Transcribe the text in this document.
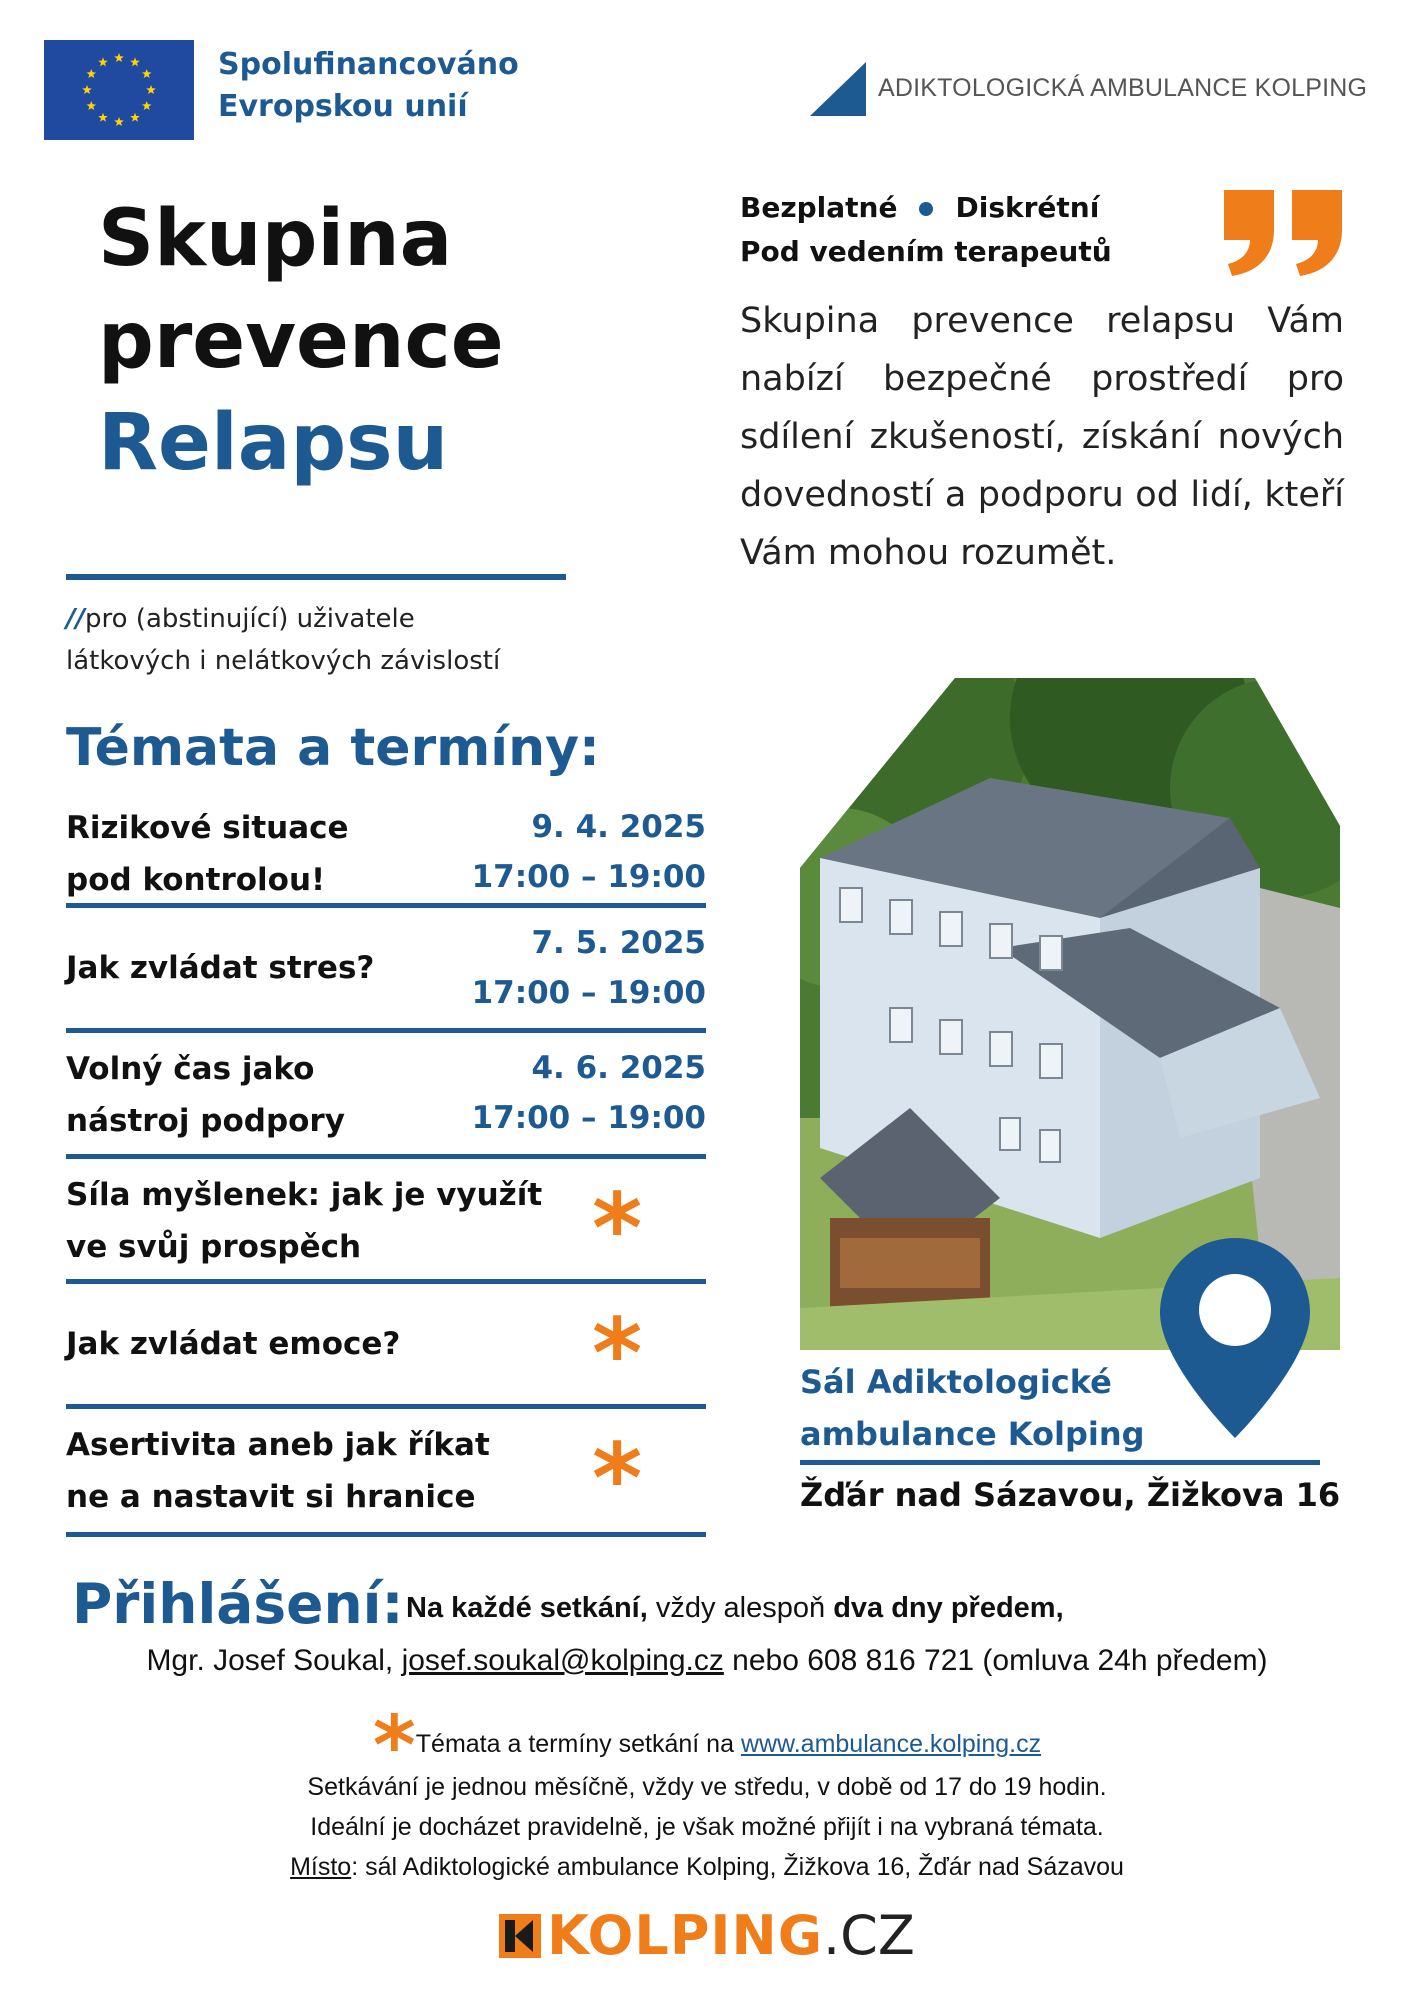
Spolufinancováno
Evropskou unií
ADIKTOLOGICKÁ AMBULANCE KOLPING
Skupina
prevence
Relapsu
//pro (abstinující) uživatele
látkových i nelátkových závislostí
Bezplatné Diskrétní
Pod vedením terapeutů
Skupina prevence relapsu Vám nabízí bezpečné prostředí pro sdílení zkušeností, získání nových dovedností a podporu od lidí, kteří Vám mohou rozumět.
Témata a termíny:
Rizikové situace
pod kontrolou!
9. 4. 2025
17:00 – 19:00
Jak zvládat stres?
7. 5. 2025
17:00 – 19:00
Volný čas jako
nástroj podpory
4. 6. 2025
17:00 – 19:00
Síla myšlenek: jak je využít
ve svůj prospěch	*
Jak zvládat emoce? *
Asertivita aneb jak říkat
ne a nastavit si hranice *
Sál Adiktologické
ambulance Kolping
Žďár nad Sázavou, Žižkova 16
Přihlášení: Na každé setkání, vždy alespoň dva dny předem,
Mgr. Josef Soukal, josef.soukal@kolping.cz nebo 608 816 721 (omluva 24h předem)
*Témata a termíny setkání na www.ambulance.kolping.cz
Setkávání je jednou měsíčně, vždy ve středu, v době od 17 do 19 hodin.
Ideální je docházet pravidelně, je však možné přijít i na vybraná témata.
Místo: sál Adiktologické ambulance Kolping, Žižkova 16, Žďár nad Sázavou
KOLPING.CZ
